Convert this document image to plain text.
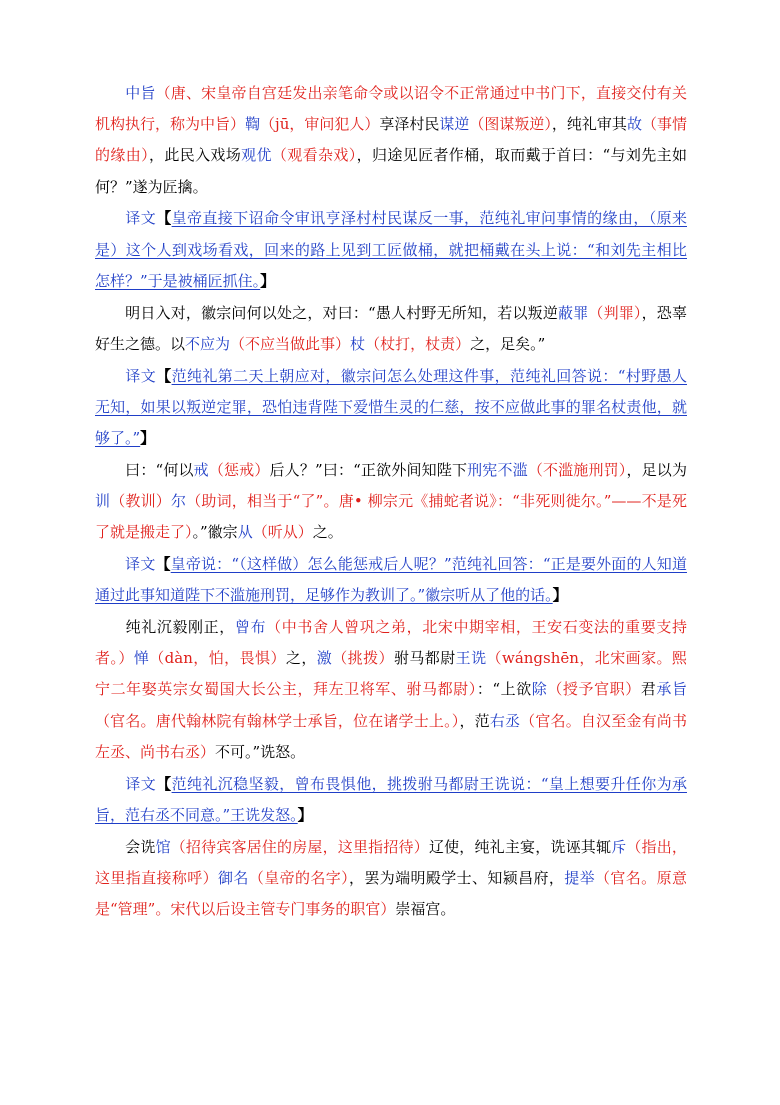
中旨（唐、宋皇帝自宫廷发出亲笔命令或以诏令不正常通过中书门下，直接交付有关机构执行，称为中旨）鞫（jū，审问犯人）享泽村民谋逆（图谋叛逆），纯礼审其故（事情的缘由），此民入戏场观优（观看杂戏），归途见匠者作桶，取而戴于首曰：“与刘先主如何？”遂为匠擒。

译文【皇帝直接下诏命令审讯亨泽村村民谋反一事，范纯礼审问事情的缘由，（原来是）这个人到戏场看戏，回来的路上见到工匠做桶，就把桶戴在头上说：“和刘先主相比怎样？”于是被桶匠抓住。】

明日入对，徽宗问何以处之，对曰：“愚人村野无所知，若以叛逆蔽罪（判罪），恐辜好生之德。以不应为（不应当做此事）杖（杖打，杖责）之，足矣。”

译文【范纯礼第二天上朝应对，徽宗问怎么处理这件事，范纯礼回答说：“村野愚人无知，如果以叛逆定罪，恐怕违背陛下爱惜生灵的仁慈，按不应做此事的罪名杖责他，就够了。”】

曰：“何以戒（惩戒）后人？”曰：“正欲外间知陛下刑宪不滥（不滥施刑罚），足以为训（教训）尔（助词，相当于“了”。唐• 柳宗元《捕蛇者说》：“非死则徙尔。”——不是死了就是搬走了）。”徽宗从（听从）之。

译文【皇帝说：“（这样做）怎么能惩戒后人呢？”范纯礼回答：“正是要外面的人知道通过此事知道陛下不滥施刑罚，足够作为教训了。”徽宗听从了他的话。】

纯礼沉毅刚正，曾布（中书舍人曾巩之弟，北宋中期宰相，王安石变法的重要支持者。）惮（dàn，怕，畏惧）之，激（挑拨）驸马都尉王诜（wángshēn，北宋画家。熙宁二年娶英宗女蜀国大长公主，拜左卫将军、驸马都尉）：“上欲除（授予官职）君承旨（官名。唐代翰林院有翰林学士承旨，位在诸学士上。），范右丞（官名。自汉至金有尚书左丞、尚书右丞）不可。”诜怒。

译文【范纯礼沉稳坚毅，曾布畏惧他，挑拨驸马都尉王诜说：“皇上想要升任你为承旨，范右丞不同意。”王诜发怒。】

会诜馆（招待宾客居住的房屋，这里指招待）辽使，纯礼主宴，诜诬其辄斥（指出，这里指直接称呼）御名（皇帝的名字），罢为端明殿学士、知颍昌府，提举（官名。原意是“管理”。宋代以后设主管专门事务的职官）崇福宫。
